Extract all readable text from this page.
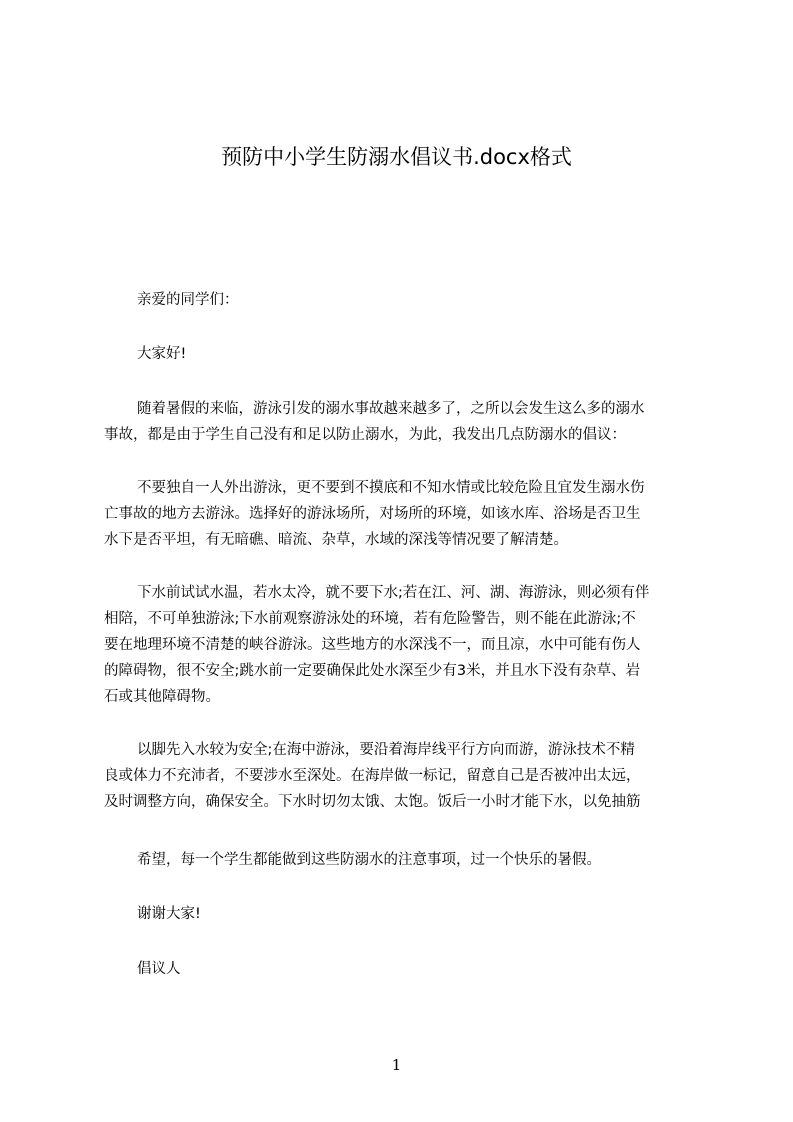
预防中小学生防溺水倡议书.docx格式
亲爱的同学们：
大家好!
随着暑假的来临，游泳引发的溺水事故越来越多了，之所以会发生这么多的溺水
事故，都是由于学生自己没有和足以防止溺水，为此，我发出几点防溺水的倡议：
不要独自一人外出游泳，更不要到不摸底和不知水情或比较危险且宜发生溺水伤
亡事故的地方去游泳。选择好的游泳场所，对场所的环境，如该水库、浴场是否卫生
水下是否平坦，有无暗礁、暗流、杂草，水域的深浅等情况要了解清楚。
下水前试试水温，若水太冷，就不要下水;若在江、河、湖、海游泳，则必须有伴
相陪，不可单独游泳;下水前观察游泳处的环境，若有危险警告，则不能在此游泳;不
要在地理环境不清楚的峡谷游泳。这些地方的水深浅不一，而且凉，水中可能有伤人
的障碍物，很不安全;跳水前一定要确保此处水深至少有3米，并且水下没有杂草、岩
石或其他障碍物。
以脚先入水较为安全;在海中游泳，要沿着海岸线平行方向而游，游泳技术不精
良或体力不充沛者，不要涉水至深处。在海岸做一标记，留意自己是否被冲出太远，
及时调整方向，确保安全。下水时切勿太饿、太饱。饭后一小时才能下水，以免抽筋
希望，每一个学生都能做到这些防溺水的注意事项，过一个快乐的暑假。
谢谢大家!
倡议人
1
